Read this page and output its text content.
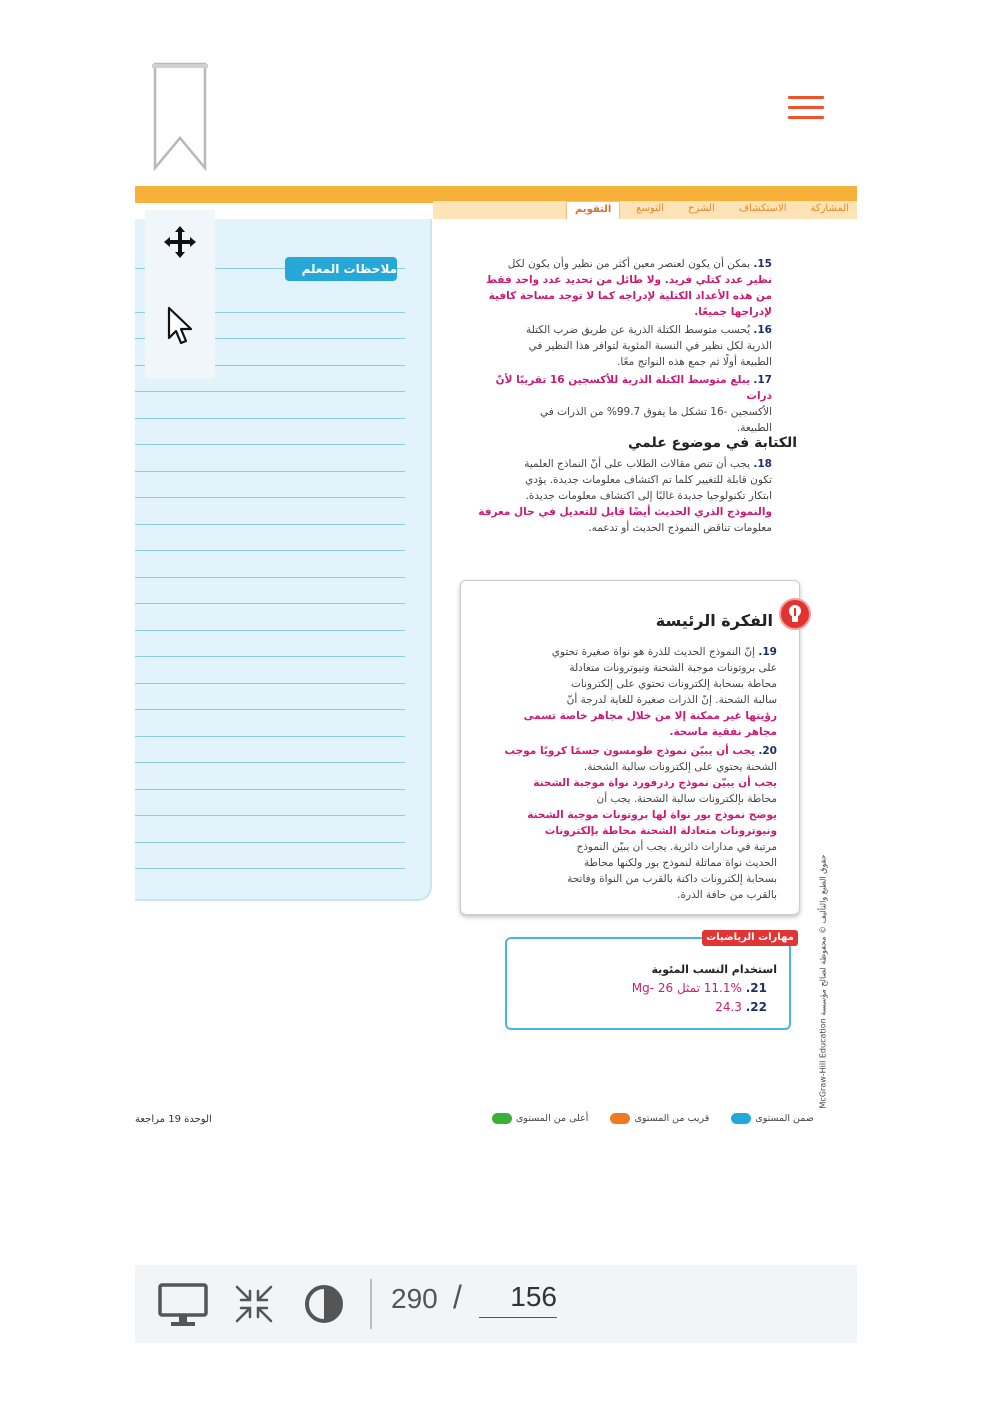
المشاركة
الاستكشاف
الشرح
التوسع
التقويم
ملاحظات المعلم	15. يمكن أن يكون لعنصر معين أكثر من نظير وأن يكون لكل
نظير عدد كتلي فريد. ولا طائل من تحديد عدد واحد فقط
من هذه الأعداد الكتلية لإدراجه كما لا توجد مساحة كافية
لإدراجها جميعًا.
16. يُحسب متوسط الكتلة الذرية عن طريق ضرب الكتلة
الذرية لكل نظير في النسبة المئوية لتوافر هذا النظير في
الطبيعة أولًا ثم جمع هذه النواتج معًا.
17. يبلغ متوسط الكتلة الذرية للأكسجين 16 تقريبًا لأنّ ذرات
الأكسجين -16 تشكل ما يفوق 99.7% من الذرات في
الطبيعة.
الكتابة في موضوع علمي
18. يجب أن تنص مقالات الطلاب على أنّ النماذج العلمية
تكون قابلة للتغيير كلما تم اكتشاف معلومات جديدة. يؤدي
ابتكار تكنولوجيا جديدة غالبًا إلى اكتشاف معلومات جديدة.
والنموذج الذري الحديث أيضًا قابل للتعديل في حال معرفة
معلومات تناقض النموذج الحديث أو تدعمه.
الفكرة الرئيسة
19. إنّ النموذج الحديث للذرة هو نواة صغيرة تحتوي
على بروتونات موجبة الشحنة ونيوترونات متعادلة
محاطة بسحابة إلكترونات تحتوي على إلكترونات
سالبة الشحنة. إنّ الذرات صغيرة للغاية لدرجة أنّ
رؤيتها غير ممكنة إلا من خلال مجاهر خاصة تسمى
مجاهر نفقية ماسحة.
20. يجب أن يبيّن نموذج طومسون جسمًا كرويًا موجب
الشحنة يحتوي على إلكترونات سالبة الشحنة.
يجب أن يبيّن نموذج ردرفورد نواة موجبة الشحنة
محاطة بإلكترونات سالبة الشحنة. يجب أن
يوضح نموذج بور نواة لها بروتونات موجبة الشحنة
ونيوترونات متعادلة الشحنة محاطة بإلكترونات
مرتبة في مدارات دائرية. يجب أن يبيّن النموذج
الحديث نواة مماثلة لنموذج بور ولكنها محاطة
بسحابة إلكترونات داكنة بالقرب من النواة وفاتحة
بالقرب من حافة الذرة.
استخدام النسب المئوية
21. 11.1% تمثل Mg- 26
22. 24.3
مهارات الرياضيات
حقوق الطبع والتأليف © محفوظة لصالح مؤسسة McGraw-Hill Education
الوحدة 19 مراجعة	ضمن المستوى
قريب من المستوى
أعلى من المستوى
290 /	156
